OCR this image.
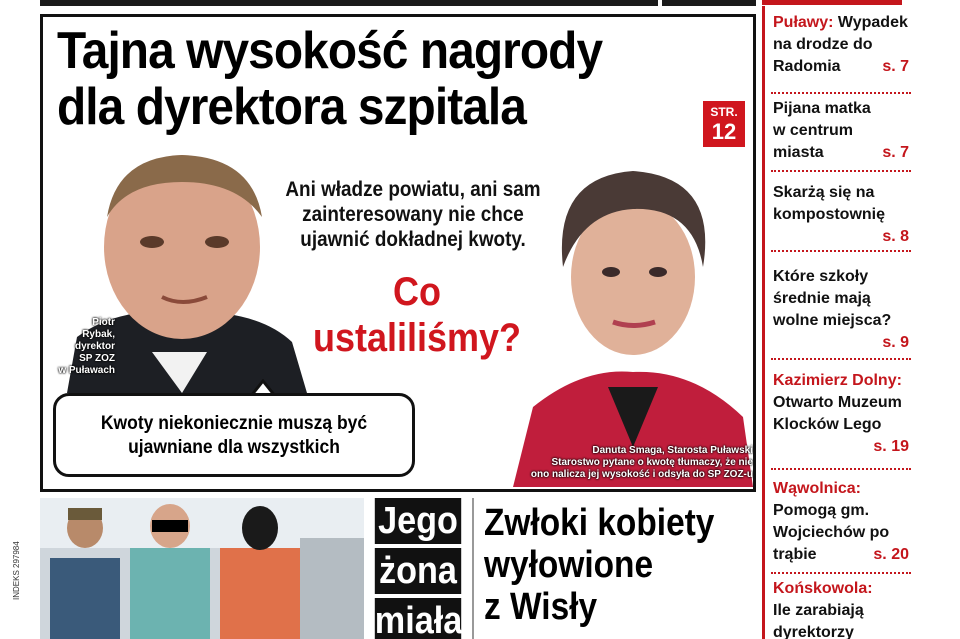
Tajna wysokość nagrody
dla dyrektora szpitala	STR.
12
Ani władze powiatu, ani sam
zainteresowany nie chce
ujawnić dokładnej kwoty.
Co
ustaliliśmy?
Piotr
Rybak,
dyrektor
SP ZOZ
w Puławach
Danuta Smaga, Starosta Puławski
Starostwo pytane o kwotę tłumaczy, że nie
ono nalicza jej wysokość i odsyła do SP ZOZ-u
Kwoty niekoniecznie muszą być
ujawniane dla wszystkich
Jego
żona
miała
Zwłoki kobiety
wyłowione
z Wisły
INDEKS 297984
Puławy: Wypadek
na drodze do
Radomia	s. 7
Pijana matka
w centrum
miasta	s. 7
Skarżą się na
kompostownię
s. 8
Które szkoły
średnie mają
wolne miejsca?
s. 9
Kazimierz Dolny:
Otwarto Muzeum
Klocków Lego
s. 19
Wąwolnica:
Pomogą gm.
Wojciechów po
trąbie	s. 20
Końskowola:
Ile zarabiają
dyrektorzy
